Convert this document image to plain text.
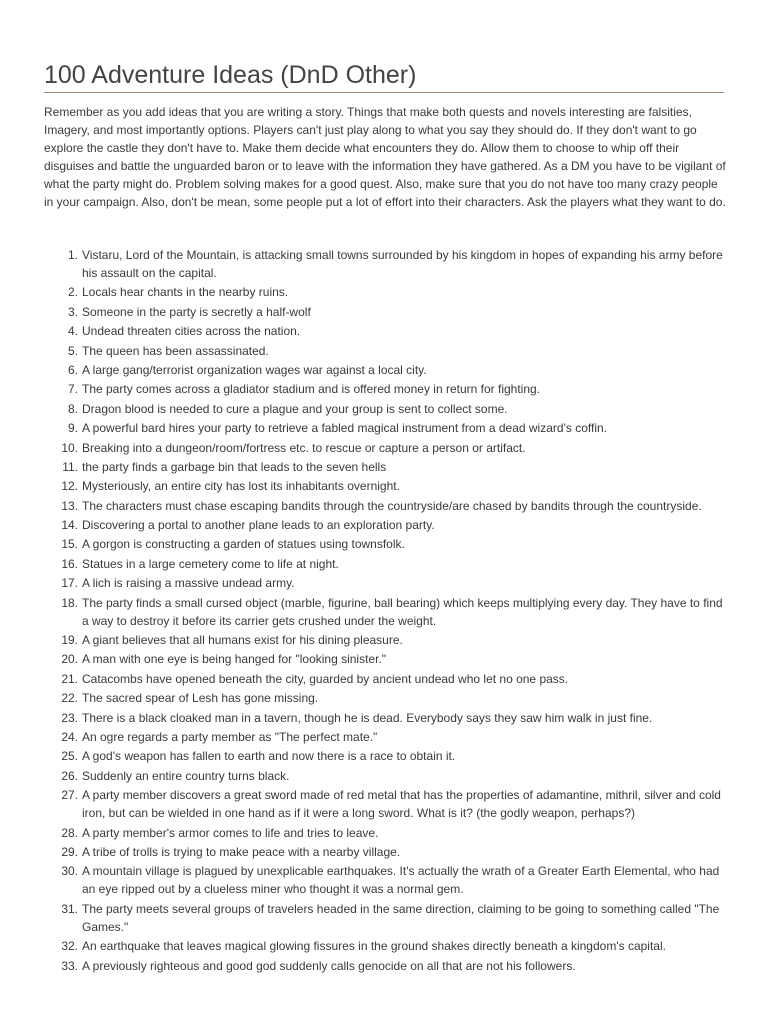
100 Adventure Ideas (DnD Other)

Remember as you add ideas that you are writing a story. Things that make both quests and novels interesting are falsities, Imagery, and most importantly options. Players can't just play along to what you say they should do. If they don't want to go explore the castle they don't have to. Make them decide what encounters they do. Allow them to choose to whip off their disguises and battle the unguarded baron or to leave with the information they have gathered. As a DM you have to be vigilant of what the party might do. Problem solving makes for a good quest. Also, make sure that you do not have too many crazy people in your campaign. Also, don't be mean, some people put a lot of effort into their characters. Ask the players what they want to do.

1. Vistaru, Lord of the Mountain, is attacking small towns surrounded by his kingdom in hopes of expanding his army before his assault on the capital.
2. Locals hear chants in the nearby ruins.
3. Someone in the party is secretly a half-wolf
4. Undead threaten cities across the nation.
5. The queen has been assassinated.
6. A large gang/terrorist organization wages war against a local city.
7. The party comes across a gladiator stadium and is offered money in return for fighting.
8. Dragon blood is needed to cure a plague and your group is sent to collect some.
9. A powerful bard hires your party to retrieve a fabled magical instrument from a dead wizard's coffin.
10. Breaking into a dungeon/room/fortress etc. to rescue or capture a person or artifact.
11. the party finds a garbage bin that leads to the seven hells
12. Mysteriously, an entire city has lost its inhabitants overnight.
13. The characters must chase escaping bandits through the countryside/are chased by bandits through the countryside.
14. Discovering a portal to another plane leads to an exploration party.
15. A gorgon is constructing a garden of statues using townsfolk.
16. Statues in a large cemetery come to life at night.
17. A lich is raising a massive undead army.
18. The party finds a small cursed object (marble, figurine, ball bearing) which keeps multiplying every day. They have to find a way to destroy it before its carrier gets crushed under the weight.
19. A giant believes that all humans exist for his dining pleasure.
20. A man with one eye is being hanged for "looking sinister."
21. Catacombs have opened beneath the city, guarded by ancient undead who let no one pass.
22. The sacred spear of Lesh has gone missing.
23. There is a black cloaked man in a tavern, though he is dead. Everybody says they saw him walk in just fine.
24. An ogre regards a party member as "The perfect mate."
25. A god's weapon has fallen to earth and now there is a race to obtain it.
26. Suddenly an entire country turns black.
27. A party member discovers a great sword made of red metal that has the properties of adamantine, mithril, silver and cold iron, but can be wielded in one hand as if it were a long sword. What is it? (the godly weapon, perhaps?)
28. A party member's armor comes to life and tries to leave.
29. A tribe of trolls is trying to make peace with a nearby village.
30. A mountain village is plagued by unexplicable earthquakes. It's actually the wrath of a Greater Earth Elemental, who had an eye ripped out by a clueless miner who thought it was a normal gem.
31. The party meets several groups of travelers headed in the same direction, claiming to be going to something called "The Games."
32. An earthquake that leaves magical glowing fissures in the ground shakes directly beneath a kingdom's capital.
33. A previously righteous and good god suddenly calls genocide on all that are not his followers.
